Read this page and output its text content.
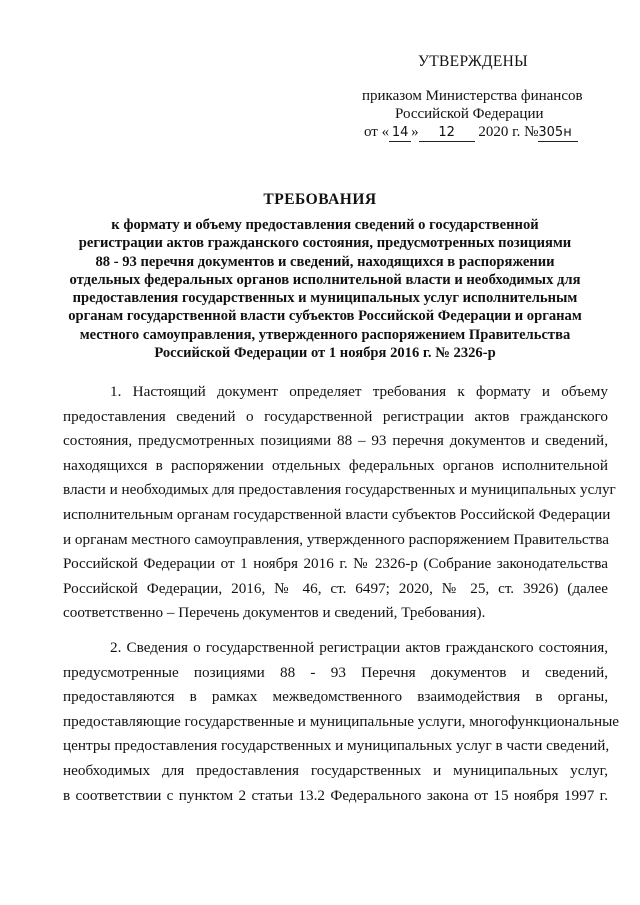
УТВЕРЖДЕНЫ
приказом Министерства финансов
Российской Федерации
от « 14 » 12 2020 г. №305н
ТРЕБОВАНИЯ
к формату и объему предоставления сведений о государственной
регистрации актов гражданского состояния, предусмотренных позициями
88 - 93 перечня документов и сведений, находящихся в распоряжении
отдельных федеральных органов исполнительной власти и необходимых для
предоставления государственных и муниципальных услуг исполнительным
органам государственной власти субъектов Российской Федерации и органам
местного самоуправления, утвержденного распоряжением Правительства
Российской Федерации от 1 ноября 2016 г. № 2326-р
1. Настоящий документ определяет требования к формату и объему
предоставления сведений о государственной регистрации актов гражданского
состояния, предусмотренных позициями 88 – 93 перечня документов и сведений,
находящихся в распоряжении отдельных федеральных органов исполнительной
власти и необходимых для предоставления государственных и муниципальных услуг
исполнительным органам государственной власти субъектов Российской Федерации
и органам местного самоуправления, утвержденного распоряжением Правительства
Российской Федерации от 1 ноября 2016 г. № 2326-р (Собрание законодательства
Российской Федерации, 2016, № 46, ст. 6497; 2020, № 25, ст. 3926) (далее
соответственно – Перечень документов и сведений, Требования).
2. Сведения о государственной регистрации актов гражданского состояния,
предусмотренные позициями 88 - 93 Перечня документов и сведений,
предоставляются в рамках межведомственного взаимодействия в органы,
предоставляющие государственные и муниципальные услуги, многофункциональные
центры предоставления государственных и муниципальных услуг в части сведений,
необходимых для предоставления государственных и муниципальных услуг,
в соответствии с пунктом 2 статьи 13.2 Федерального закона от 15 ноября 1997 г.
